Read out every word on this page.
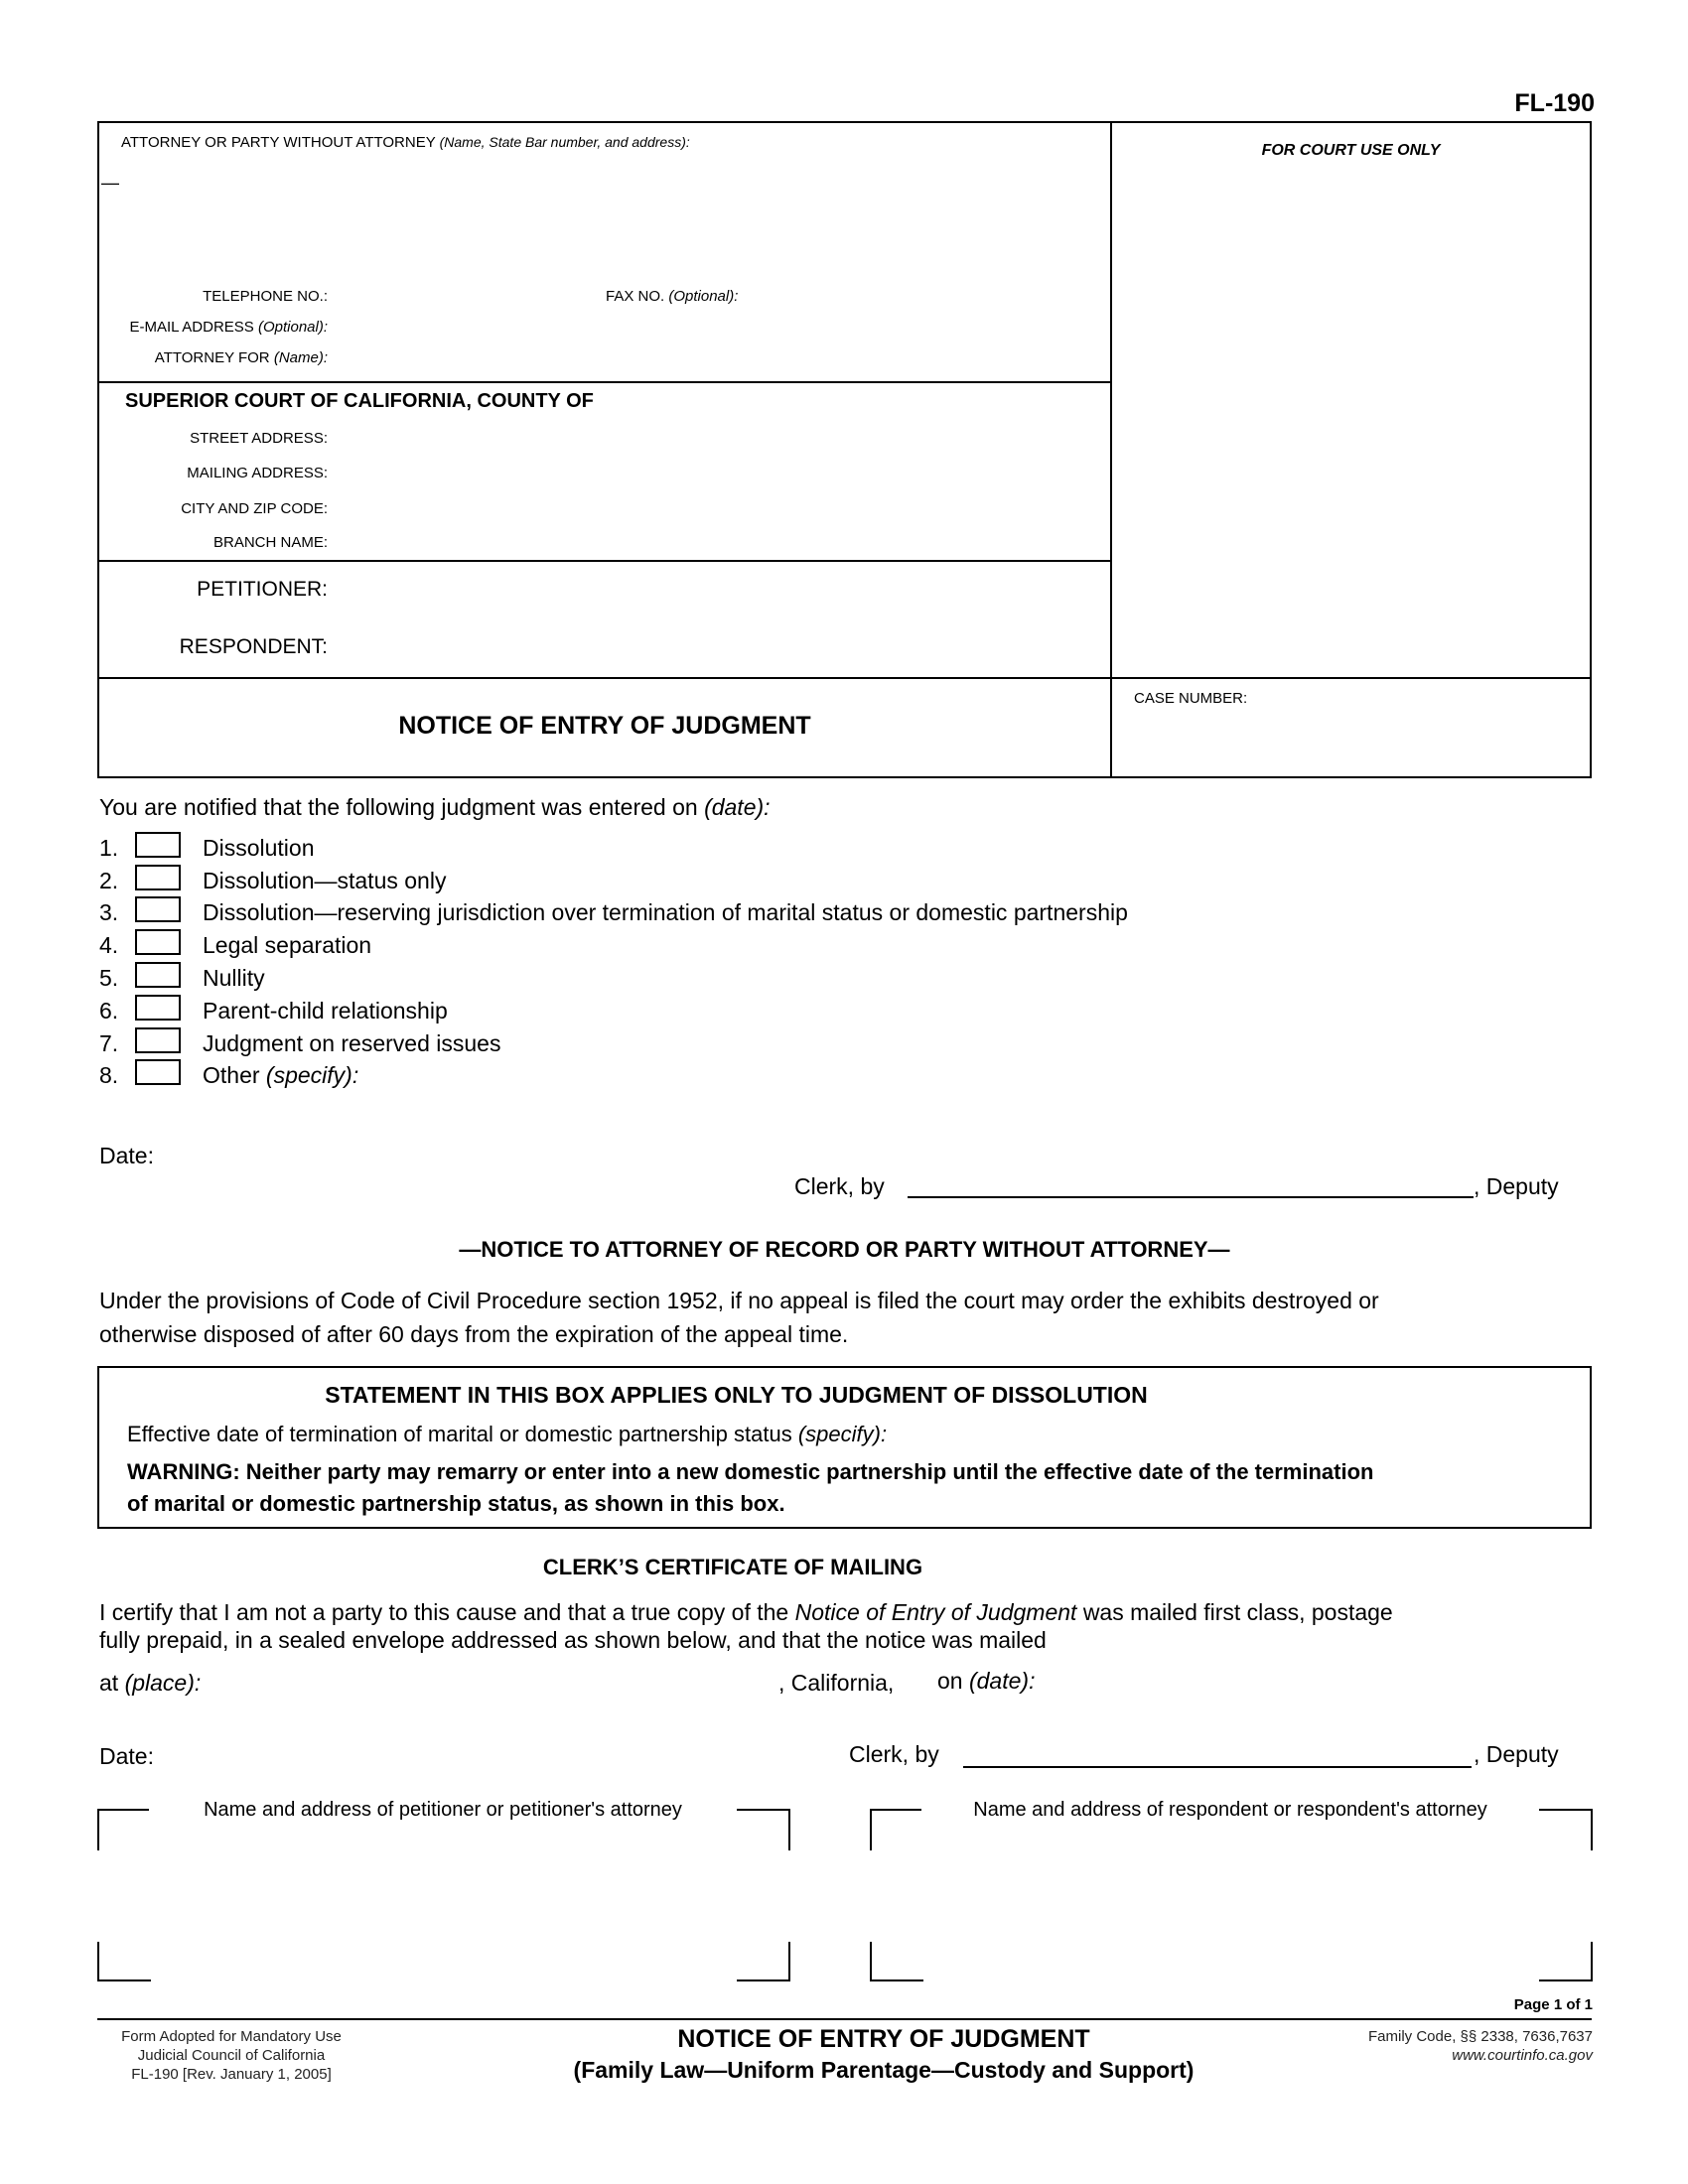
FL-190
ATTORNEY OR PARTY WITHOUT ATTORNEY (Name, State Bar number, and address):
—
FOR COURT USE ONLY
TELEPHONE NO.:	FAX NO. (Optional):
E-MAIL ADDRESS (Optional):
ATTORNEY FOR (Name):
SUPERIOR COURT OF CALIFORNIA, COUNTY OF
STREET ADDRESS:
MAILING ADDRESS:
CITY AND ZIP CODE:
BRANCH NAME:
PETITIONER:
RESPONDENT:
NOTICE OF ENTRY OF JUDGMENT
CASE NUMBER:
You are notified that the following judgment was entered on (date):
1.	Dissolution
2.	Dissolution—status only
3.	Dissolution—reserving jurisdiction over termination of marital status or domestic partnership
4.	Legal separation
5.	Nullity
6.	Parent-child relationship
7.	Judgment on reserved issues
8.	Other (specify):
Date:
Clerk, by	, Deputy
—NOTICE TO ATTORNEY OF RECORD OR PARTY WITHOUT ATTORNEY—
Under the provisions of Code of Civil Procedure section 1952, if no appeal is filed the court may order the exhibits destroyed or
otherwise disposed of after 60 days from the expiration of the appeal time.
STATEMENT IN THIS BOX APPLIES ONLY TO JUDGMENT OF DISSOLUTION
Effective date of termination of marital or domestic partnership status (specify):
WARNING: Neither party may remarry or enter into a new domestic partnership until the effective date of the termination
of marital or domestic partnership status, as shown in this box.
CLERK’S CERTIFICATE OF MAILING
I certify that I am not a party to this cause and that a true copy of the Notice of Entry of Judgment was mailed first class, postage
fully prepaid, in a sealed envelope addressed as shown below, and that the notice was mailed
at (place):	, California, on (date):
Date:	Clerk, by	, Deputy
Name and address of petitioner or petitioner's attorney	Name and address of respondent or respondent's attorney
Page 1 of 1
Form Adopted for Mandatory Use
Judicial Council of California
FL-190 [Rev. January 1, 2005]
NOTICE OF ENTRY OF JUDGMENT
(Family Law—Uniform Parentage—Custody and Support)
Family Code, §§ 2338, 7636,7637
www.courtinfo.ca.gov
